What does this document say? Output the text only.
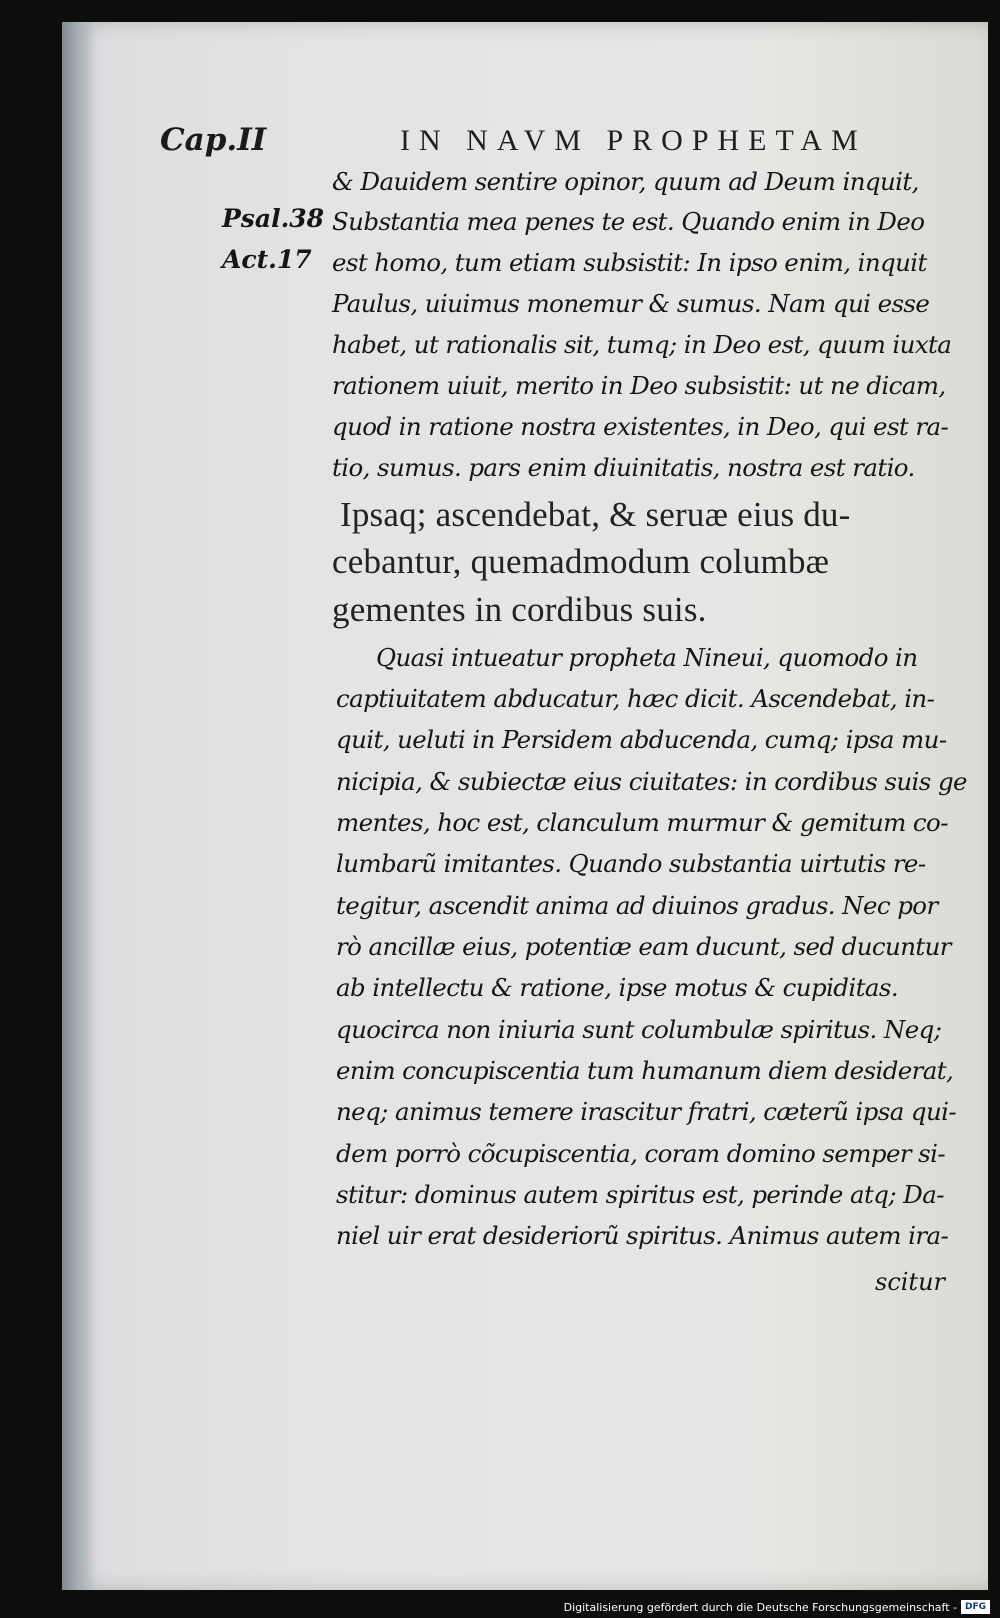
Cap.II	IN NAVM PROPHETAM
Psal.38
Act.17
& Dauidem sentire opinor, quum ad Deum inquit,
Substantia mea penes te est. Quando enim in Deo
est homo, tum etiam subsistit: In ipso enim, inquit
Paulus, uiuimus monemur & sumus. Nam qui esse
habet, ut rationalis sit, tumq; in Deo est, quum iuxta
rationem uiuit, merito in Deo subsistit: ut ne dicam,
quod in ratione nostra existentes, in Deo, qui est ra-
tio, sumus. pars enim diuinitatis, nostra est ratio.
Ipsaq; ascendebat, & seruæ eius du-
cebantur, quemadmodum columbæ
gementes in cordibus suis.
Quasi intueatur propheta Nineui, quomodo in
captiuitatem abducatur, hæc dicit. Ascendebat, in-
quit, ueluti in Persidem abducenda, cumq; ipsa mu-
nicipia, & subiectæ eius ciuitates: in cordibus suis ge
mentes, hoc est, clanculum murmur & gemitum co-
lumbarũ imitantes. Quando substantia uirtutis re-
tegitur, ascendit anima ad diuinos gradus. Nec por
rò ancillæ eius, potentiæ eam ducunt, sed ducuntur
ab intellectu & ratione, ipse motus & cupiditas.
quocirca non iniuria sunt columbulæ spiritus. Neq;
enim concupiscentia tum humanum diem desiderat,
neq; animus temere irascitur fratri, cæterũ ipsa qui-
dem porrò cõcupiscentia, coram domino semper si-
stitur: dominus autem spiritus est, perinde atq; Da-
niel uir erat desideriorũ spiritus. Animus autem ira-
scitur
Digitalisierung gefördert durch die Deutsche Forschungsgemeinschaft - DFG
